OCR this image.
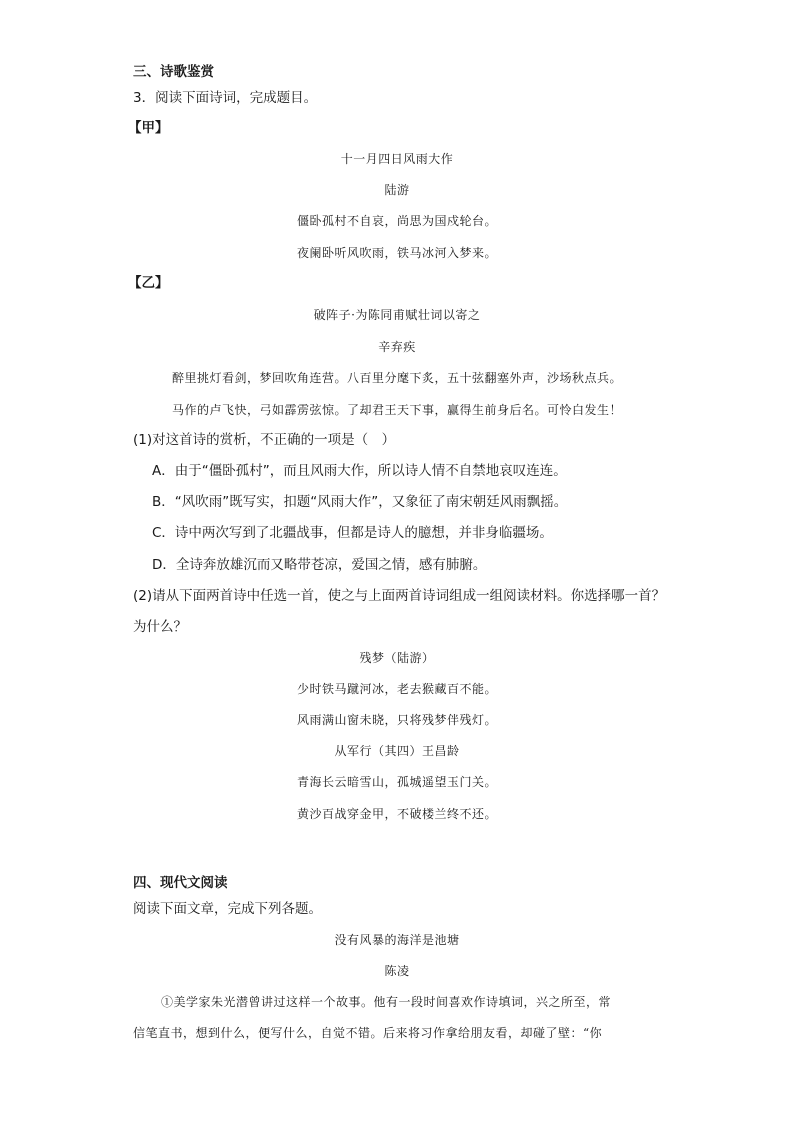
三、诗歌鉴赏
3．阅读下面诗词，完成题目。
【甲】
十一月四日风雨大作
陆游
僵卧孤村不自哀，尚思为国戍轮台。
夜阑卧听风吹雨，铁马冰河入梦来。
【乙】
破阵子·为陈同甫赋壮词以寄之
辛弃疾
醉里挑灯看剑，梦回吹角连营。八百里分麾下炙，五十弦翻塞外声，沙场秋点兵。
马作的卢飞快，弓如霹雳弦惊。了却君王天下事，赢得生前身后名。可怜白发生！
(1)对这首诗的赏析，不正确的一项是（　）
A．由于“僵卧孤村”，而且风雨大作，所以诗人情不自禁地哀叹连连。
B．“风吹雨”既写实，扣题“风雨大作”，又象征了南宋朝廷风雨飘摇。
C．诗中两次写到了北疆战事，但都是诗人的臆想，并非身临疆场。
D．全诗奔放雄沉而又略带苍凉，爱国之情，感有肺腑。
(2)请从下面两首诗中任选一首，使之与上面两首诗词组成一组阅读材料。你选择哪一首？
为什么？
残梦（陆游）
少时铁马蹴河冰，老去猴藏百不能。
风雨满山窗未晓，只将残梦伴残灯。
从军行（其四）王昌龄
青海长云暗雪山，孤城遥望玉门关。
黄沙百战穿金甲，不破楼兰终不还。
四、现代文阅读
阅读下面文章，完成下列各题。
没有风暴的海洋是池塘
陈凌
①美学家朱光潜曾讲过这样一个故事。他有一段时间喜欢作诗填词，兴之所至，常
信笔直书，想到什么，便写什么，自觉不错。后来将习作拿给朋友看，却碰了壁：“你
